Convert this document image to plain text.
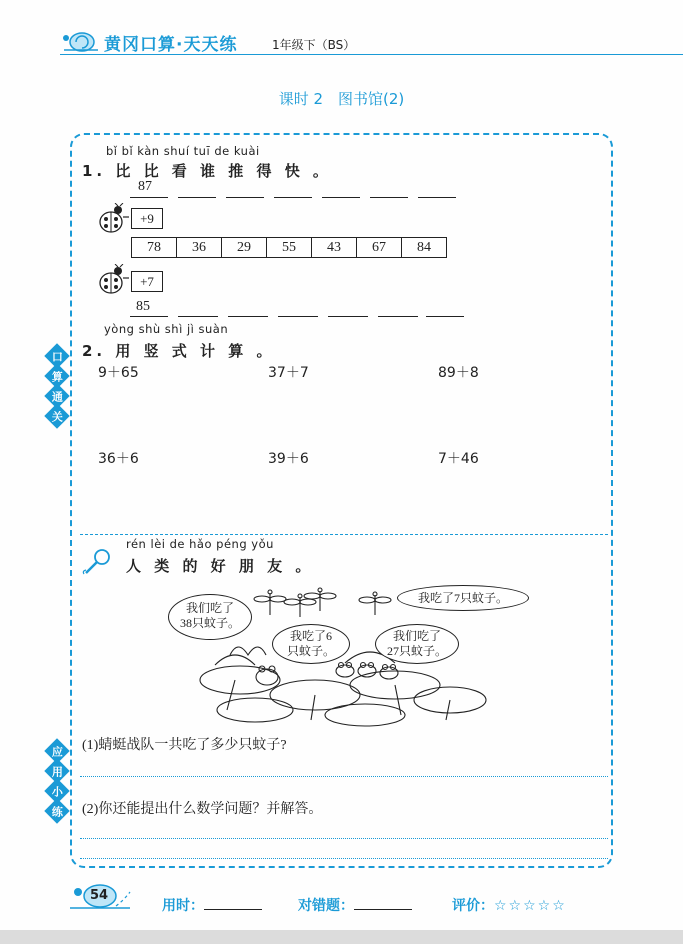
黄冈口算·天天练	1年级下（BS）
课时 2　图书馆(2)
bǐ bǐ kàn shuí tuī de kuài
1. 比 比 看 谁 推 得 快 。
87
+9
78	36	29	55	43	67	84
+7
85
yòng shù shì jì suàn
2. 用 竖 式 计 算 。
9＋65	37＋7	89＋8
36＋6	39＋6	7＋46
口
算
通
关
rén lèi de hǎo péng yǒu
人 类 的 好 朋 友 。
我们吃了
38只蚊子。
我吃了6
只蚊子。
我们吃了
27只蚊子。
我吃了7只蚊子。
(1)蜻蜓战队一共吃了多少只蚊子?
(2)你还能提出什么数学问题？并解答。
应
用
小
练
54
用时：	对错题：	评价：☆☆☆☆☆
